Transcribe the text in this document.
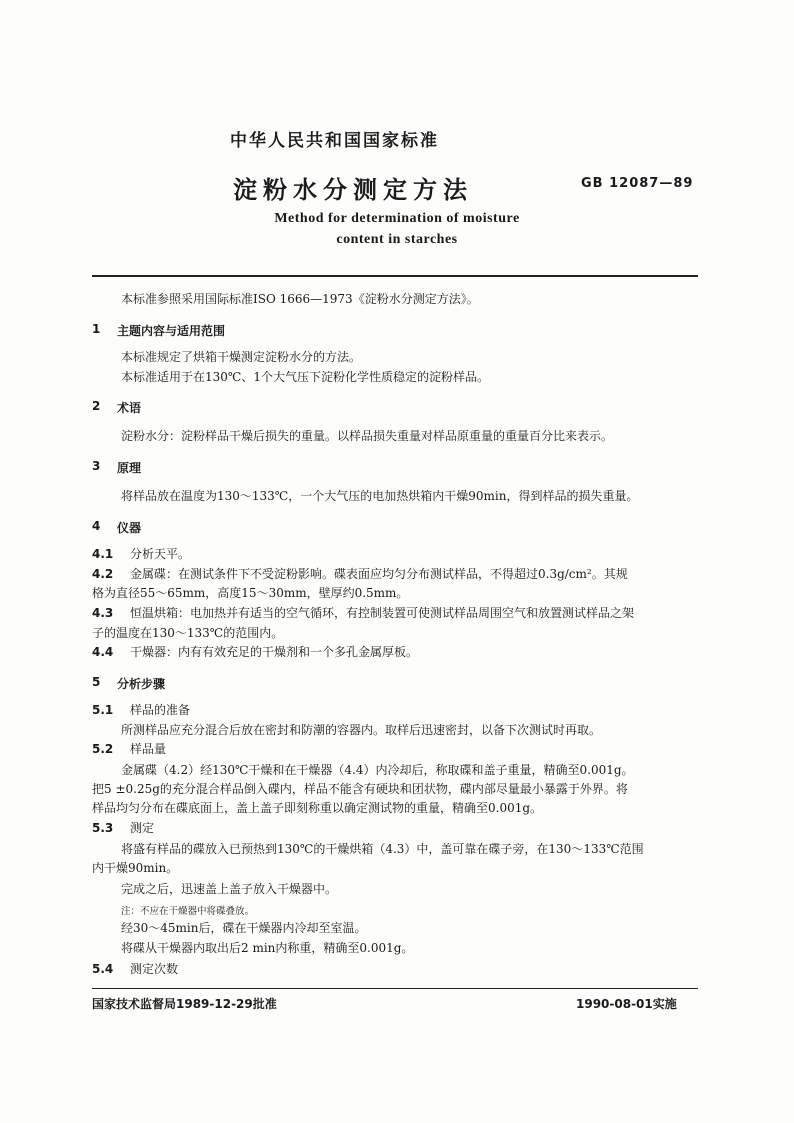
中华人民共和国国家标准
淀粉水分测定方法	GB 12087—89
Method for determination of moisture
content in starches
本标准参照采用国际标准ISO 1666—1973《淀粉水分测定方法》。
1 主题内容与适用范围
本标准规定了烘箱干燥测定淀粉水分的方法。
本标准适用于在130℃、1个大气压下淀粉化学性质稳定的淀粉样品。
2 术语
淀粉水分：淀粉样品干燥后损失的重量。以样品损失重量对样品原重量的重量百分比来表示。
3 原理
将样品放在温度为130～133℃，一个大气压的电加热烘箱内干燥90min，得到样品的损失重量。
4 仪器
4.1 分析天平。
4.2 金属碟：在测试条件下不受淀粉影响。碟表面应均匀分布测试样品，不得超过0.3g/cm²。其规
格为直径55～65mm，高度15～30mm，壁厚约0.5mm。
4.3 恒温烘箱：电加热并有适当的空气循环，有控制装置可使测试样品周围空气和放置测试样品之架
子的温度在130～133℃的范围内。
4.4 干燥器：内有有效充足的干燥剂和一个多孔金属厚板。
5 分析步骤
5.1 样品的准备
所测样品应充分混合后放在密封和防潮的容器内。取样后迅速密封，以备下次测试时再取。
5.2 样品量
金属碟（4.2）经130℃干燥和在干燥器（4.4）内冷却后，称取碟和盖子重量，精确至0.001g。
把5 ±0.25g的充分混合样品倒入碟内，样品不能含有硬块和团状物，碟内部尽量最小暴露于外界。将
样品均匀分布在碟底面上，盖上盖子即刻称重以确定测试物的重量，精确至0.001g。
5.3 测定
将盛有样品的碟放入已预热到130℃的干燥烘箱（4.3）中，盖可靠在碟子旁，在130～133℃范围
内干燥90min。
完成之后，迅速盖上盖子放入干燥器中。
注：不应在干燥器中将碟叠放。
经30～45min后，碟在干燥器内冷却至室温。
将碟从干燥器内取出后2 min内称重，精确至0.001g。
5.4 测定次数
国家技术监督局1989-12-29批准	1990-08-01实施
